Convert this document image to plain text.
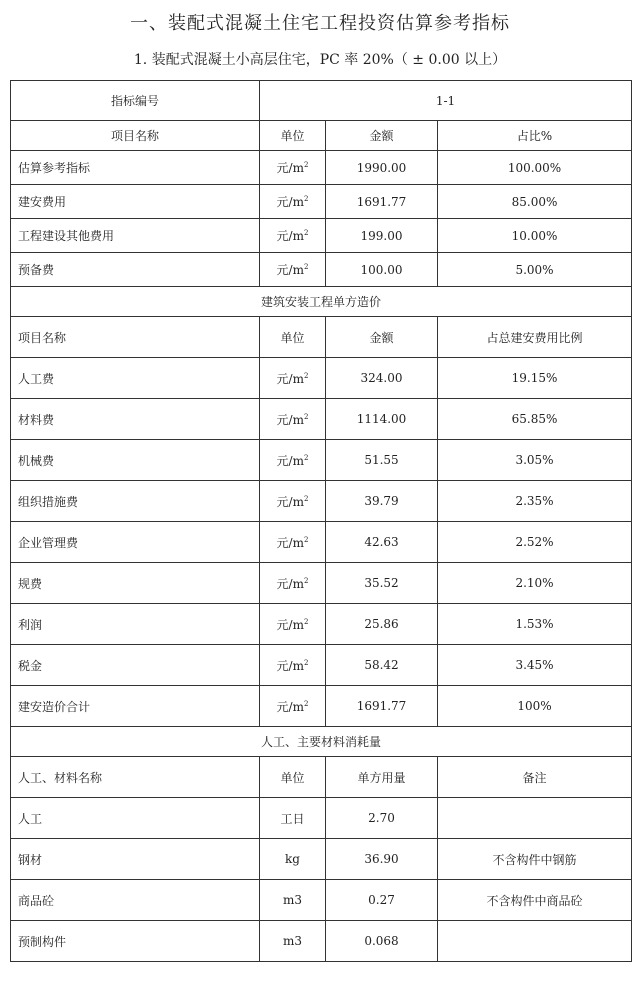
一、装配式混凝土住宅工程投资估算参考指标
1. 装配式混凝土小高层住宅，PC 率 20%（ ± 0.00 以上）
指标编号	1-1		
项目名称	单位	金额	占比%
估算参考指标	元$/m^2$	1990.00	100.00%
建安费用	元$/m^2$	1691.77	85.00%
工程建设其他费用	元$/m^2$	199.00	10.00%
预备费	元$/m^2$	100.00	5.00%
建筑安装工程单方造价			
项目名称	单位	金额	占总建安费用比例
人工费	元$/m^2$	324.00	19.15%
材料费	元$/m^2$	1114.00	65.85%
机械费	元$/m^2$	51.55	3.05%
组织措施费	元$/m^2$	39.79	2.35%
企业管理费	元$/m^2$	42.63	2.52%
规费	元$/m^2$	35.52	2.10%
利润	元$/m^2$	25.86	1.53%
税金	元$/m^2$	58.42	3.45%
建安造价合计	元$/m^2$	1691.77	100%
人工、主要材料消耗量			
人工、材料名称	单位	单方用量	备注
人工	工日	2.70	
钢材	kg	36.90	不含构件中钢筋
商品砼	m3	0.27	不含构件中商品砼
预制构件	m3	0.068	
